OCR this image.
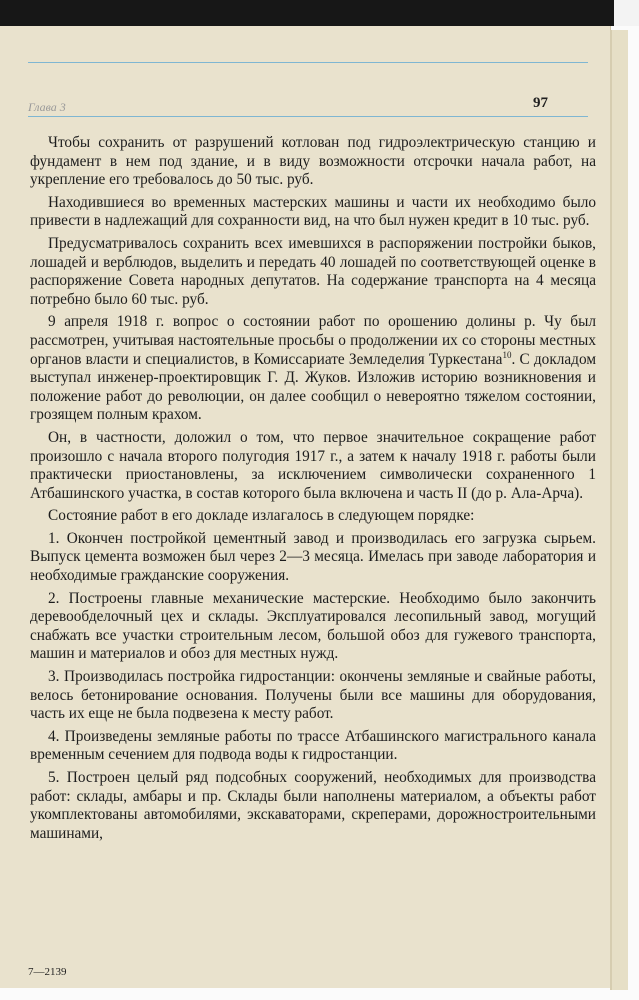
Глава 3	97

Чтобы сохранить от разрушений котлован под гидроэлектрическую станцию и фундамент в нем под здание, и в виду возможности отсрочки начала работ, на укрепление его требовалось до 50 тыс. руб.

Находившиеся во временных мастерских машины и части их необходимо было привести в надлежащий для сохранности вид, на что был нужен кредит в 10 тыс. руб.

Предусматривалось сохранить всех имевшихся в распоряжении постройки быков, лошадей и верблюдов, выделить и передать 40 лошадей по соответствующей оценке в распоряжение Совета народных депутатов. На содержание транспорта на 4 месяца потребно было 60 тыс. руб.

9 апреля 1918 г. вопрос о состоянии работ по орошению долины р. Чу был рассмотрен, учитывая настоятельные просьбы о продолжении их со стороны местных органов власти и специалистов, в Комиссариате Земледелия Туркестана$^{10}$. С докладом выступал инженер-проектировщик Г. Д. Жуков. Изложив историю возникновения и положение работ до революции, он далее сообщил о невероятно тяжелом состоянии, грозящем полным крахом.

Он, в частности, доложил о том, что первое значительное сокращение работ произошло с начала второго полугодия 1917 г., а затем к началу 1918 г. работы были практически приостановлены, за исключением символически сохраненного 1 Атбашинского участка, в состав которого была включена и часть II (до р. Ала-Арча).

Состояние работ в его докладе излагалось в следующем порядке:

1. Окончен постройкой цементный завод и производилась его загрузка сырьем. Выпуск цемента возможен был через 2—3 месяца. Имелась при заводе лаборатория и необходимые гражданские сооружения.

2. Построены главные механические мастерские. Необходимо было закончить деревообделочный цех и склады. Эксплуатировался лесопильный завод, могущий снабжать все участки строительным лесом, большой обоз для гужевого транспорта, машин и материалов и обоз для местных нужд.

3. Производилась постройка гидростанции: окончены земляные и свайные работы, велось бетонирование основания. Получены были все машины для оборудования, часть их еще не была подвезена к месту работ.

4. Произведены земляные работы по трассе Атбашинского магистрального канала временным сечением для подвода воды к гидростанции.

5. Построен целый ряд подсобных сооружений, необходимых для производства работ: склады, амбары и пр. Склады были наполнены материалом, а объекты работ укомплектованы автомобилями, экскаваторами, скреперами, дорожностроительными машинами,

7—2139
